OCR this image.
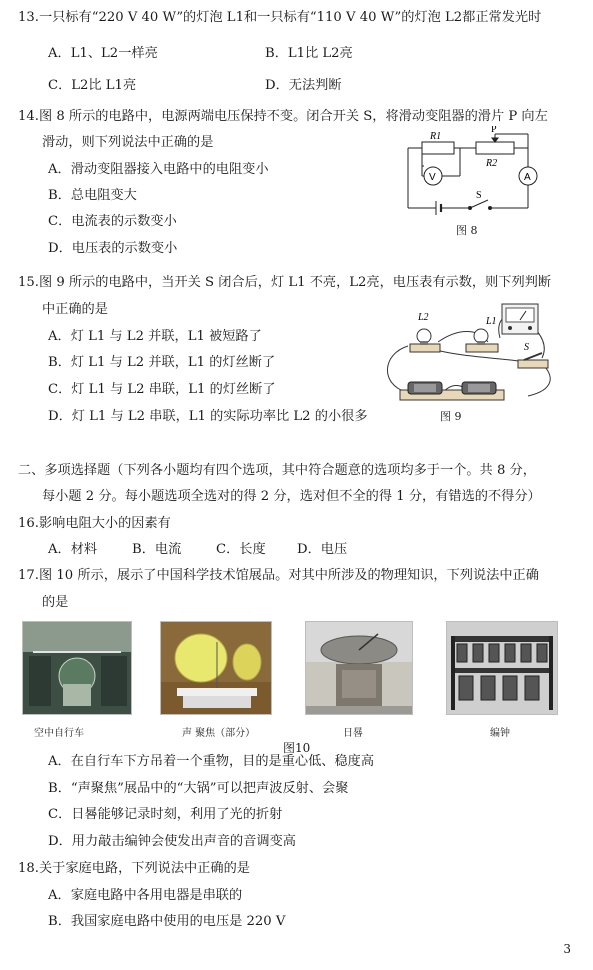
13.一只标有“220 V 40 W”的灯泡 L1和一只标有“110 V 40 W”的灯泡 L2都正常发光时
A．L1、L2一样亮	B．L1比 L2亮
C．L2比 L1亮	D．无法判断
14.图 8 所示的电路中，电源两端电压保持不变。闭合开关 S，将滑动变阻器的滑片 P 向左
滑动，则下列说法中正确的是
A．滑动变阻器接入电路中的电阻变小
B．总电阻变大
C．电流表的示数变小
D．电压表的示数变小
P
R1
R2
V	A
S
图 8
15.图 9 所示的电路中，当开关 S 闭合后，灯 L1 不亮，L2亮，电压表有示数，则下列判断
中正确的是
A．灯 L1 与 L2 并联，L1 被短路了
B．灯 L1 与 L2 并联，L1 的灯丝断了
C．灯 L1 与 L2 串联，L1 的灯丝断了
D．灯 L1 与 L2 串联，L1 的实际功率比 L2 的小很多
L2	L1
S
图 9
二、多项选择题（下列各小题均有四个选项，其中符合题意的选项均多于一个。共 8 分，
每小题 2 分。每小题选项全选对的得 2 分，选对但不全的得 1 分，有错选的不得分）
16.影响电阻大小的因素有
A．材料	B．电流	C．长度 D．电压
17.图 10 所示，展示了中国科学技术馆展品。对其中所涉及的物理知识，下列说法中正确
的是
空中自行车	声 聚焦（部分）	日晷	编钟
图10
A．在自行车下方吊着一个重物，目的是重心低、稳度高
B．“声聚焦”展品中的“大锅”可以把声波反射、会聚
C．日晷能够记录时刻，利用了光的折射
D．用力敲击编钟会使发出声音的音调变高
18.关于家庭电路，下列说法中正确的是
A．家庭电路中各用电器是串联的
B．我国家庭电路中使用的电压是 220 V
3
